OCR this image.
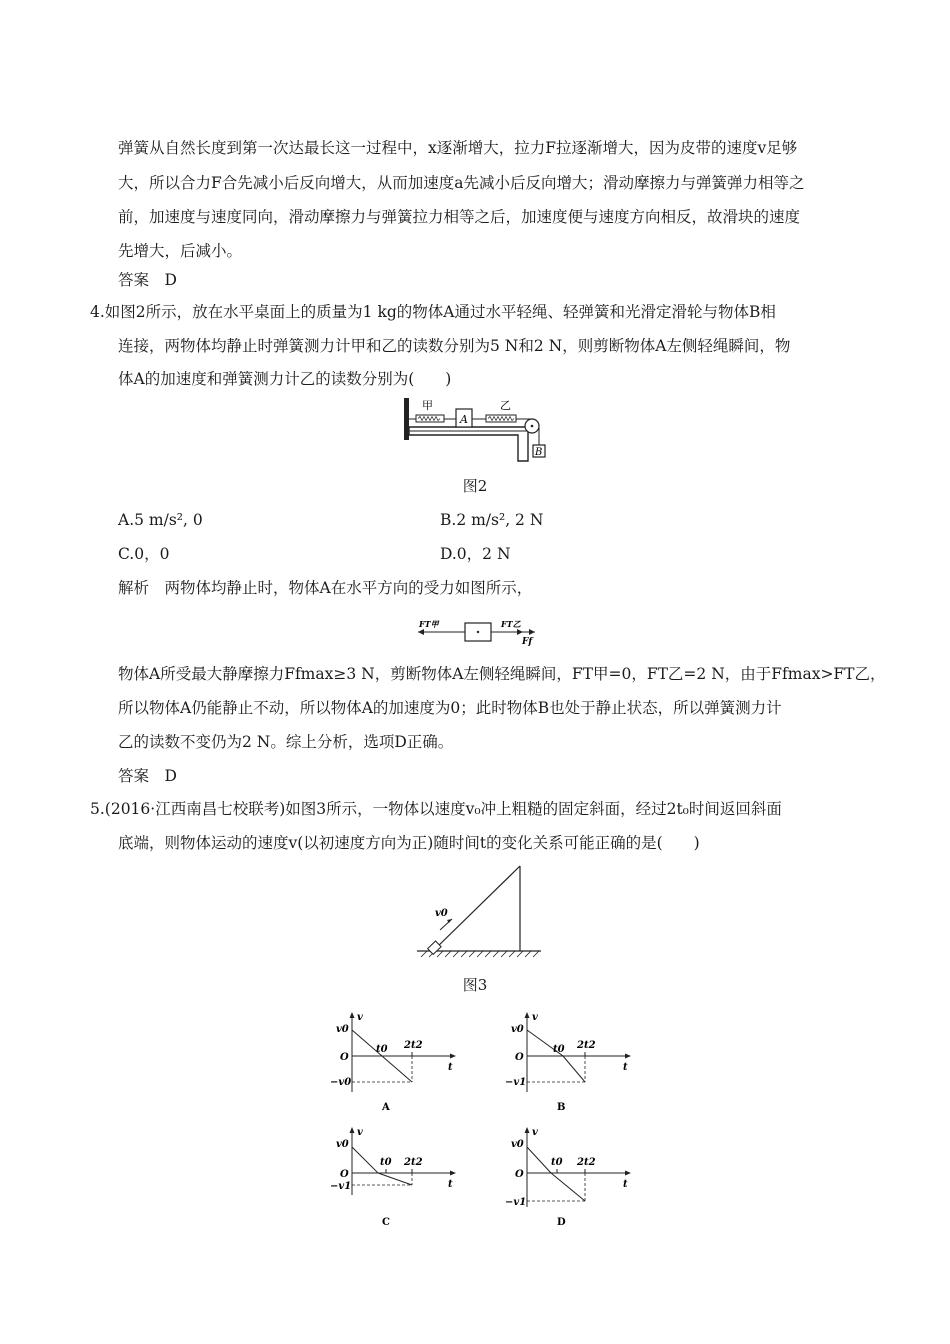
弹簧从自然长度到第一次达最长这一过程中，x逐渐增大，拉力F拉逐渐增大，因为皮带的速度v足够
大，所以合力F合先减小后反向增大，从而加速度a先减小后反向增大；滑动摩擦力与弹簧弹力相等之
前，加速度与速度同向，滑动摩擦力与弹簧拉力相等之后，加速度便与速度方向相反，故滑块的速度
先增大，后减小。
答案　D
4.如图2所示，放在水平桌面上的质量为1 kg的物体A通过水平轻绳、轻弹簧和光滑定滑轮与物体B相
连接，两物体均静止时弹簧测力计甲和乙的读数分别为5 N和2 N，则剪断物体A左侧轻绳瞬间，物
体A的加速度和弹簧测力计乙的读数分别为(　　)
甲
A
乙
B
图2
A.5 m/s², 0	B.2 m/s², 2 N
C.0，0	D.0，2 N
解析　两物体均静止时，物体A在水平方向的受力如图所示，
FT甲	FT乙
Ff
物体A所受最大静摩擦力Ffmax≥3 N，剪断物体A左侧轻绳瞬间，FT甲=0，FT乙=2 N，由于Ffmax>FT乙，
所以物体A仍能静止不动，所以物体A的加速度为0；此时物体B也处于静止状态，所以弹簧测力计
乙的读数不变仍为2 N。综上分析，选项D正确。
答案　D
5.(2016·江西南昌七校联考)如图3所示，一物体以速度v₀冲上粗糙的固定斜面，经过2t₀时间返回斜面
底端，则物体运动的速度v(以初速度方向为正)随时间t的变化关系可能正确的是(　　)
v0
图3
v
v0
O
t0 2t2
t
−v0
A
v
v0
O
t0 2t2
t
−v1
B
v
v0
O
t0 2t2
t
−v1
C
v
v0
O
t0 2t2
t
−v1
D
